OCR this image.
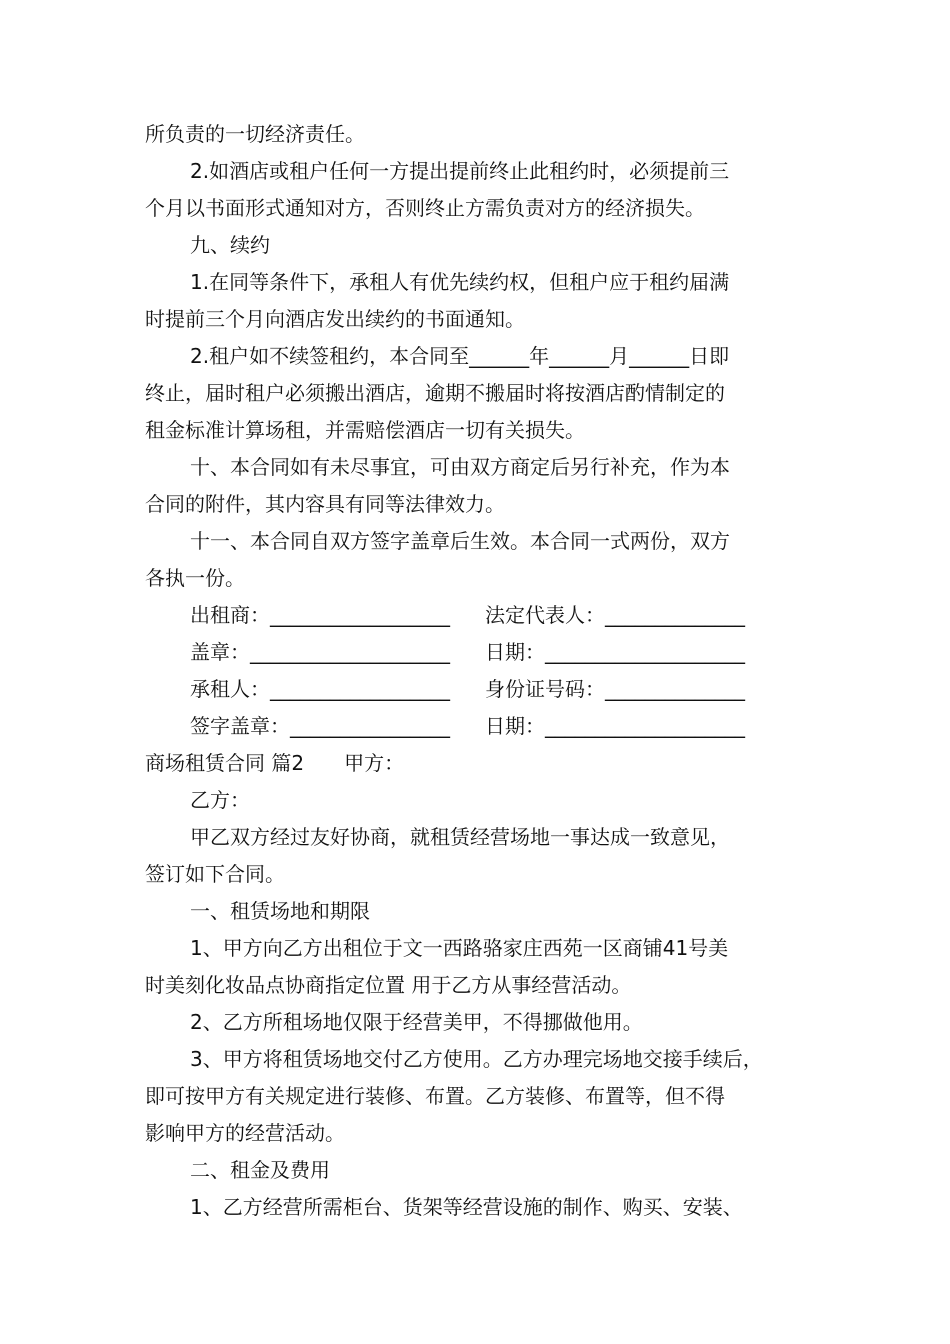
所负责的一切经济责任。

2.如酒店或租户任何一方提出提前终止此租约时，必须提前三

个月以书面形式通知对方，否则终止方需负责对方的经济损失。

九、续约

1.在同等条件下，承租人有优先续约权，但租户应于租约届满

时提前三个月向酒店发出续约的书面通知。

2.租户如不续签租约，本合同至______年______月______日即

终止，届时租户必须搬出酒店，逾期不搬届时将按酒店酌情制定的

租金标准计算场租，并需赔偿酒店一切有关损失。

十、本合同如有未尽事宜，可由双方商定后另行补充，作为本

合同的附件，其内容具有同等法律效力。

十一、本合同自双方签字盖章后生效。本合同一式两份，双方

各执一份。

出租商：__________________ 法定代表人：______________
盖章：____________________ 日期：____________________
承租人：__________________ 身份证号码：______________
签字盖章：________________ 日期：____________________
商场租赁合同 篇2 甲方：

乙方：

甲乙双方经过友好协商，就租赁经营场地一事达成一致意见，

签订如下合同。

一、租赁场地和期限

1、甲方向乙方出租位于文一西路骆家庄西苑一区商铺41号美

时美刻化妆品点协商指定位置 用于乙方从事经营活动。

2、乙方所租场地仅限于经营美甲，不得挪做他用。

3、甲方将租赁场地交付乙方使用。乙方办理完场地交接手续后，

即可按甲方有关规定进行装修、布置。乙方装修、布置等，但不得

影响甲方的经营活动。

二、租金及费用

1、乙方经营所需柜台、货架等经营设施的制作、购买、安装、
